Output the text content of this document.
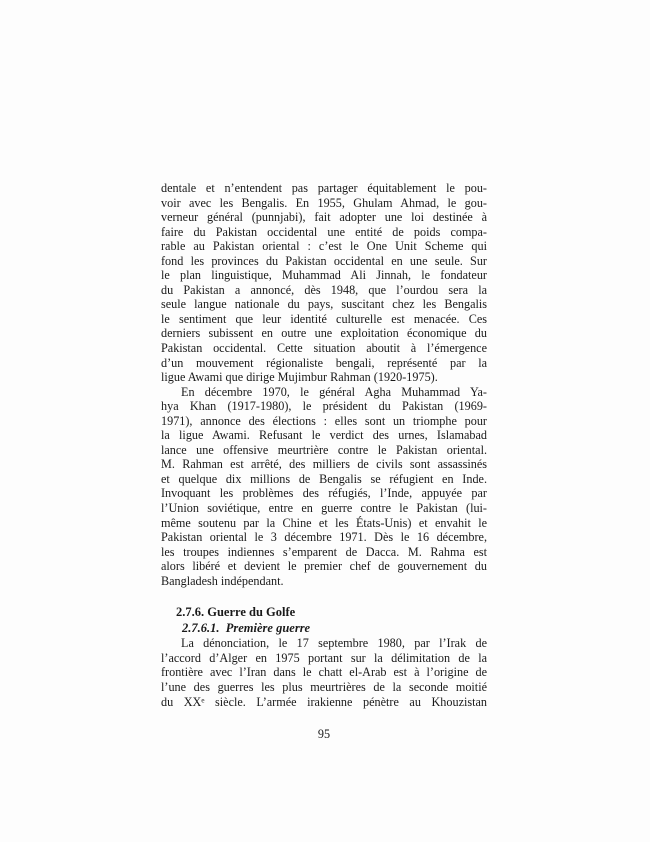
dentale et n’entendent pas partager équitablement le pou-
voir avec les Bengalis. En 1955, Ghulam Ahmad, le gou-
verneur général (punnjabi), fait adopter une loi destinée à
faire du Pakistan occidental une entité de poids compa-
rable au Pakistan oriental : c’est le One Unit Scheme qui
fond les provinces du Pakistan occidental en une seule. Sur
le plan linguistique, Muhammad Ali Jinnah, le fondateur
du Pakistan a annoncé, dès 1948, que l’ourdou sera la
seule langue nationale du pays, suscitant chez les Bengalis
le sentiment que leur identité culturelle est menacée. Ces
derniers subissent en outre une exploitation économique du
Pakistan occidental. Cette situation aboutit à l’émergence
d’un mouvement régionaliste bengali, représenté par la
ligue Awami que dirige Mujimbur Rahman (1920-1975).
En décembre 1970, le général Agha Muhammad Ya-
hya Khan (1917-1980), le président du Pakistan (1969-
1971), annonce des élections : elles sont un triomphe pour
la ligue Awami. Refusant le verdict des urnes, Islamabad
lance une offensive meurtrière contre le Pakistan oriental.
M. Rahman est arrêté, des milliers de civils sont assassinés
et quelque dix millions de Bengalis se réfugient en Inde.
Invoquant les problèmes des réfugiés, l’Inde, appuyée par
l’Union soviétique, entre en guerre contre le Pakistan (lui-
même soutenu par la Chine et les États-Unis) et envahit le
Pakistan oriental le 3 décembre 1971. Dès le 16 décembre,
les troupes indiennes s’emparent de Dacca. M. Rahma est
alors libéré et devient le premier chef de gouvernement du
Bangladesh indépendant.
2.7.6. Guerre du Golfe
2.7.6.1.  Première guerre
La dénonciation, le 17 septembre 1980, par l’Irak de
l’accord d’Alger en 1975 portant sur la délimitation de la
frontière avec l’Iran dans le chatt el-Arab est à l’origine de
l’une des guerres les plus meurtrières de la seconde moitié
du XXᵉ siècle. L’armée irakienne pénètre au Khouzistan
95
